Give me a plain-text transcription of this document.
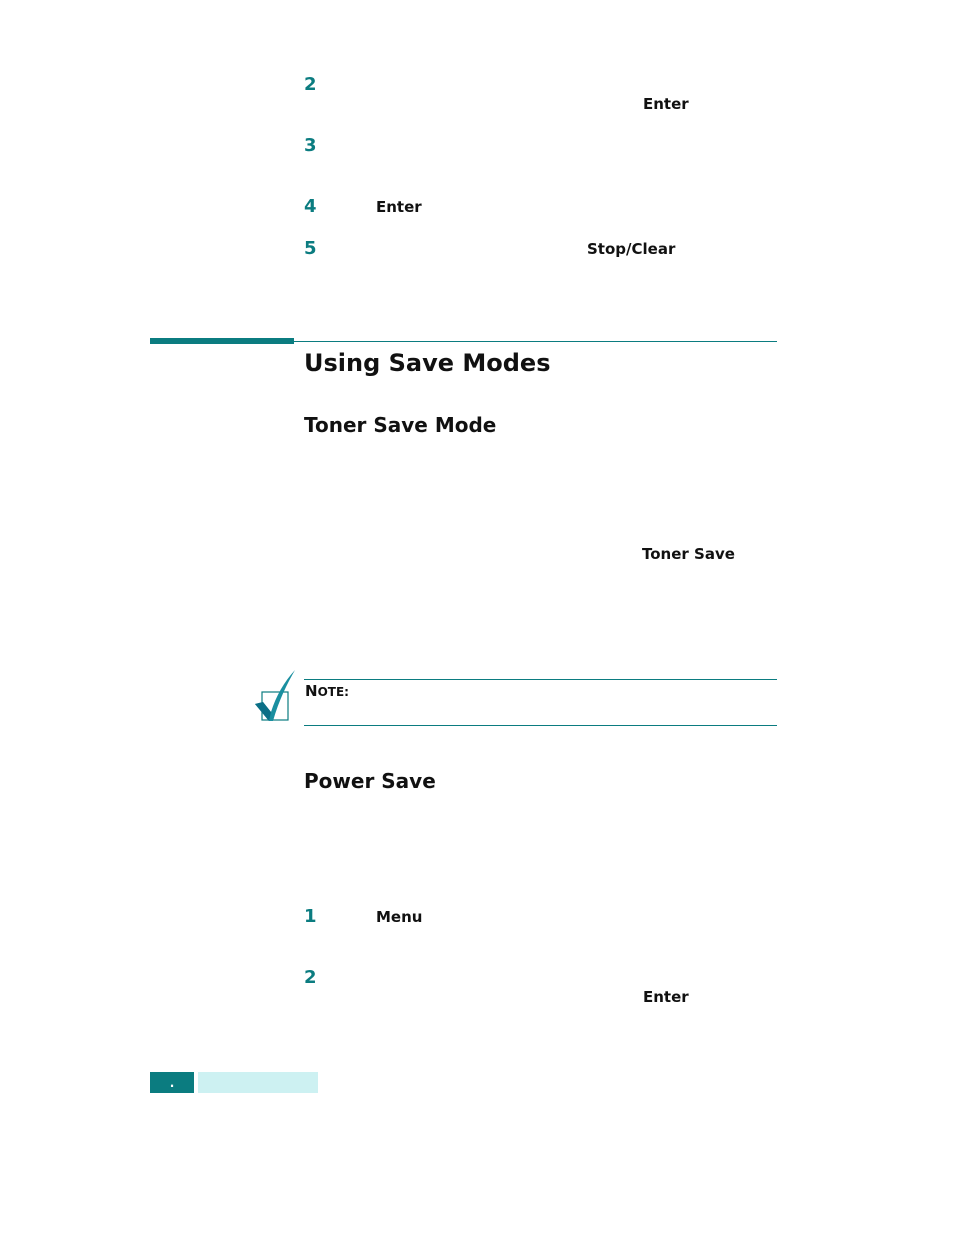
2
Enter
3
4	Enter
5	Stop/Clear
Using Save Modes
Toner Save Mode
Toner Save
NOTE:
Power Save
1	Menu
2
Enter
.
